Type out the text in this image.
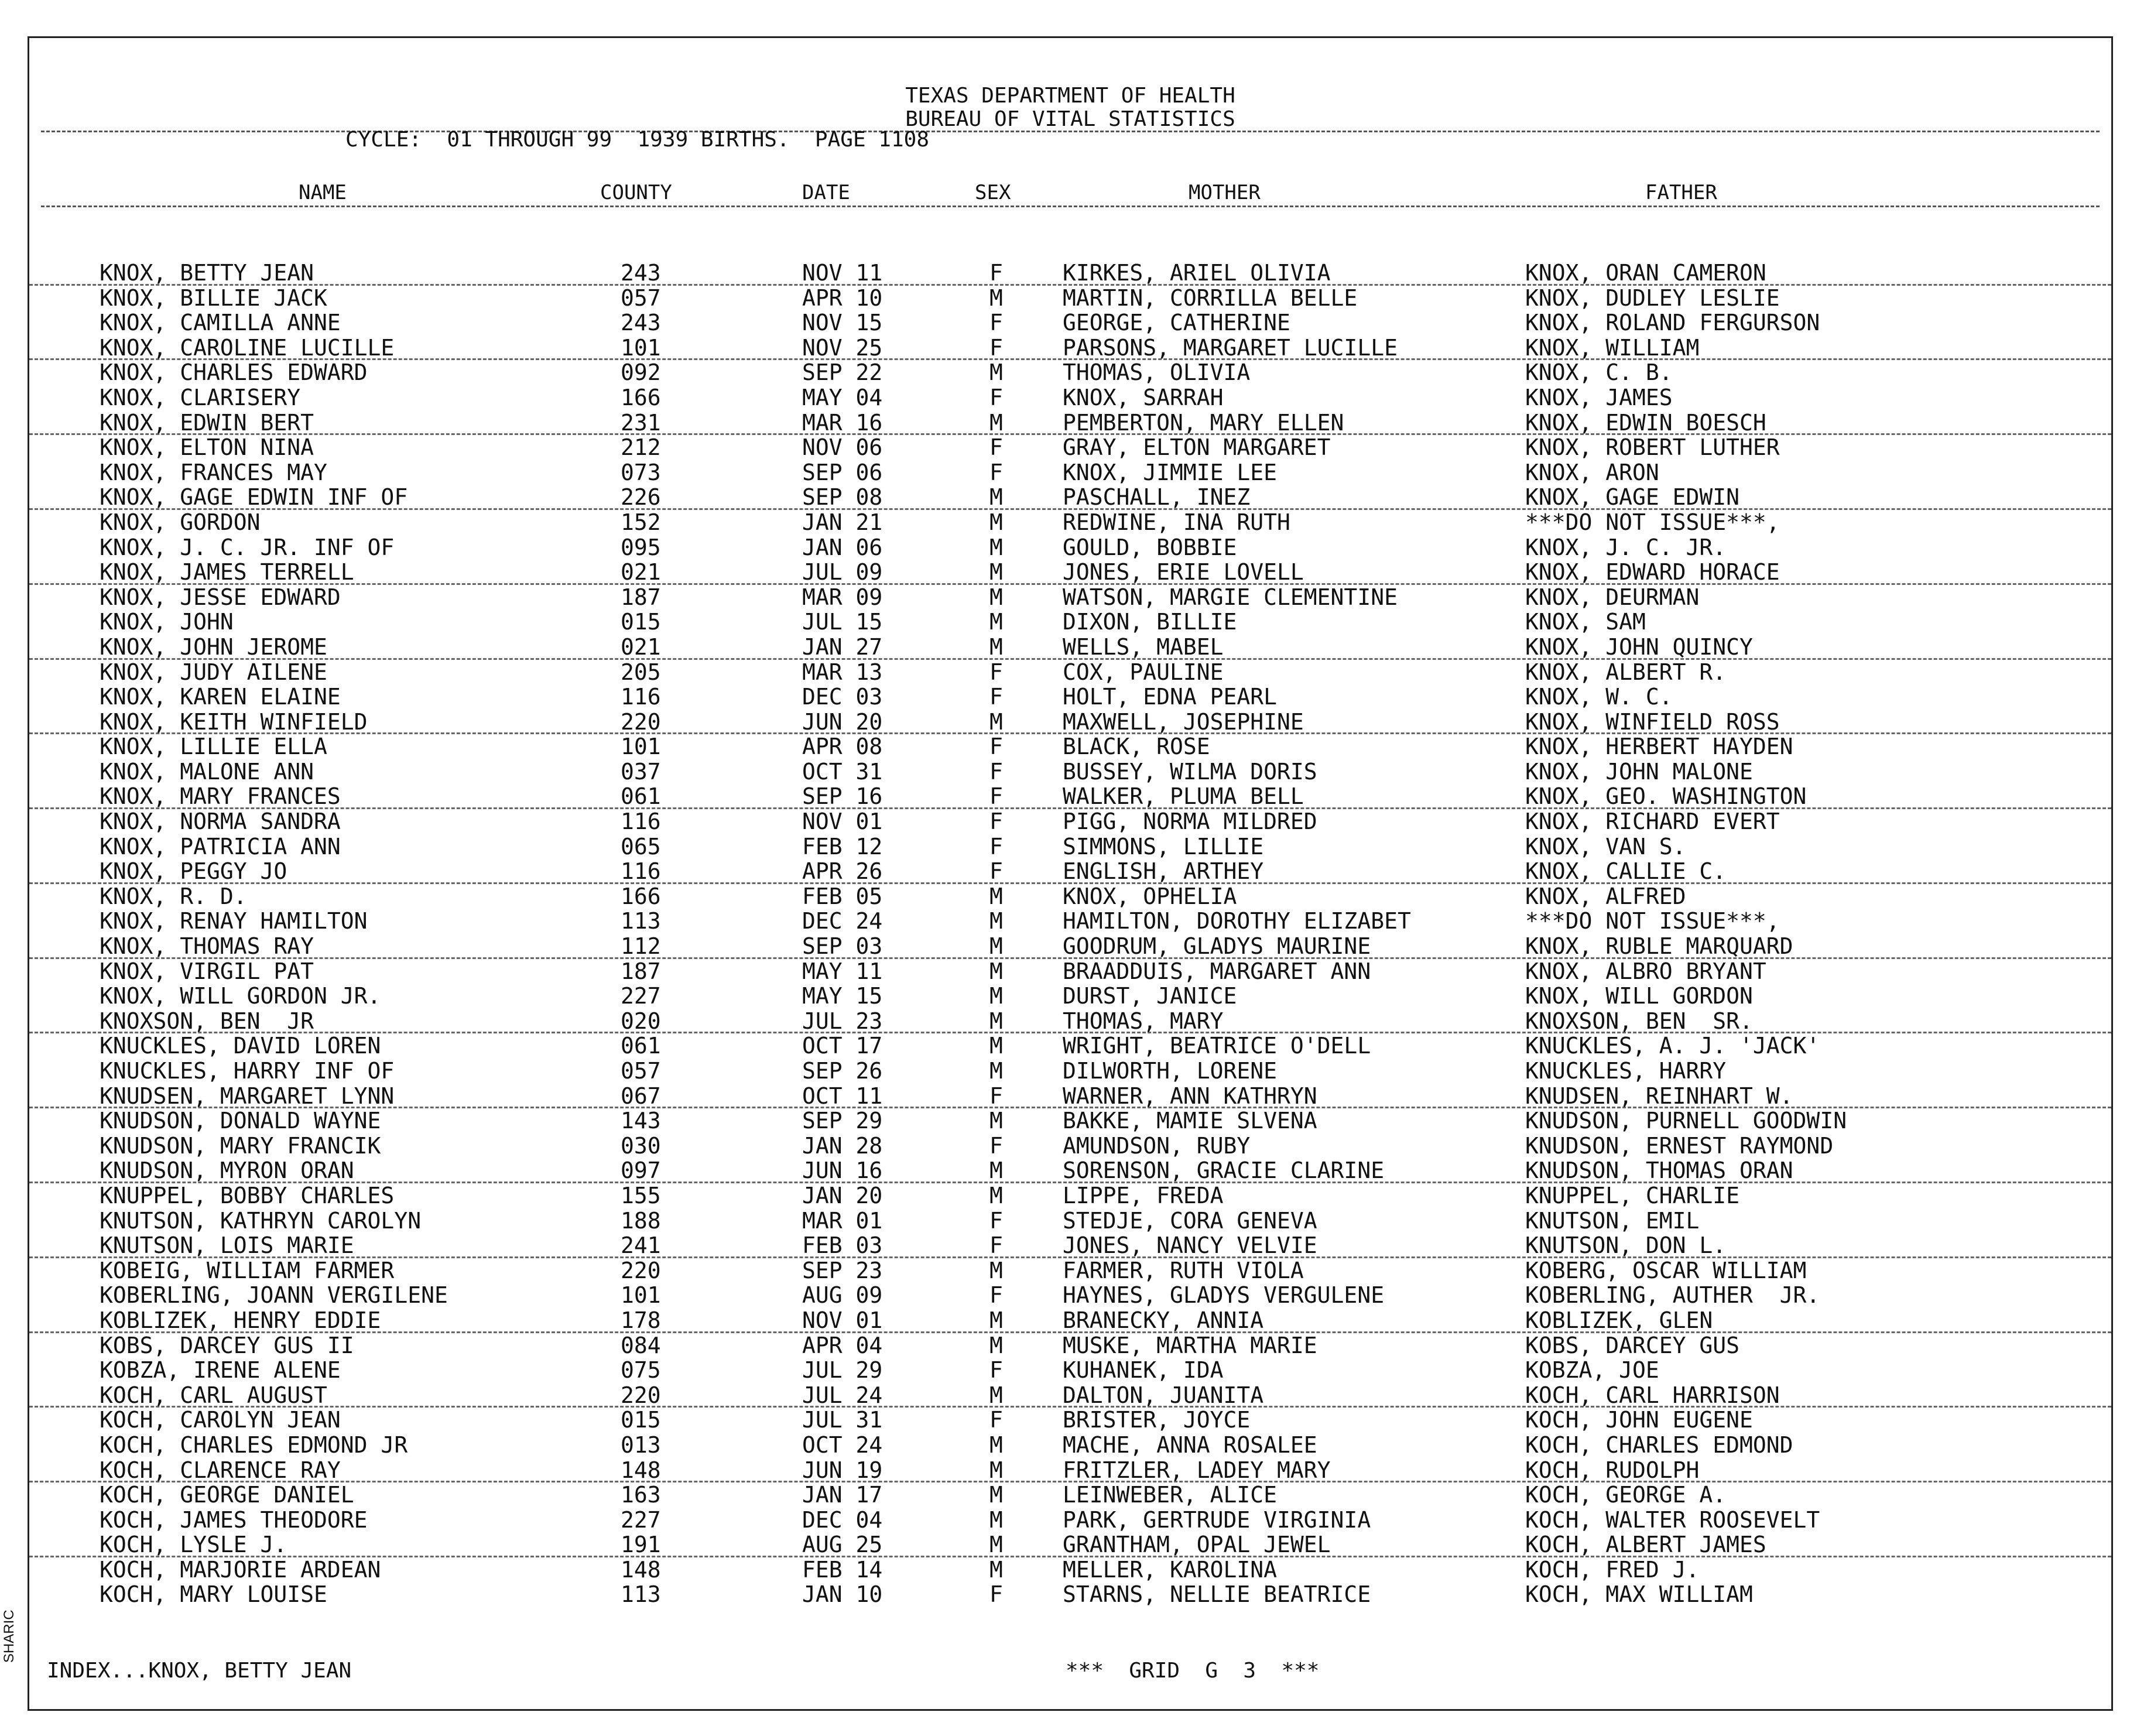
TEXAS DEPARTMENT OF HEALTH
BUREAU OF VITAL STATISTICS
CYCLE:  01 THROUGH 99  1939 BIRTHS.  PAGE 1108
NAME	COUNTY	DATE	SEX	MOTHER	FATHER
KNOX, BETTY JEAN	243	NOV 11	F	KIRKES, ARIEL OLIVIA	KNOX, ORAN CAMERON
KNOX, BILLIE JACK	057	APR 10	M	MARTIN, CORRILLA BELLE	KNOX, DUDLEY LESLIE
KNOX, CAMILLA ANNE	243	NOV 15	F	GEORGE, CATHERINE	KNOX, ROLAND FERGURSON
KNOX, CAROLINE LUCILLE	101	NOV 25	F	PARSONS, MARGARET LUCILLE	KNOX, WILLIAM
KNOX, CHARLES EDWARD	092	SEP 22	M	THOMAS, OLIVIA	KNOX, C. B.
KNOX, CLARISERY	166	MAY 04	F	KNOX, SARRAH	KNOX, JAMES
KNOX, EDWIN BERT	231	MAR 16	M	PEMBERTON, MARY ELLEN	KNOX, EDWIN BOESCH
KNOX, ELTON NINA	212	NOV 06	F	GRAY, ELTON MARGARET	KNOX, ROBERT LUTHER
KNOX, FRANCES MAY	073	SEP 06	F	KNOX, JIMMIE LEE	KNOX, ARON
KNOX, GAGE EDWIN INF OF	226	SEP 08	M	PASCHALL, INEZ	KNOX, GAGE EDWIN
KNOX, GORDON	152	JAN 21	M	REDWINE, INA RUTH	***DO NOT ISSUE***,
KNOX, J. C. JR. INF OF	095	JAN 06	M	GOULD, BOBBIE	KNOX, J. C. JR.
KNOX, JAMES TERRELL	021	JUL 09	M	JONES, ERIE LOVELL	KNOX, EDWARD HORACE
KNOX, JESSE EDWARD	187	MAR 09	M	WATSON, MARGIE CLEMENTINE	KNOX, DEURMAN
KNOX, JOHN	015	JUL 15	M	DIXON, BILLIE	KNOX, SAM
KNOX, JOHN JEROME	021	JAN 27	M	WELLS, MABEL	KNOX, JOHN QUINCY
KNOX, JUDY AILENE	205	MAR 13	F	COX, PAULINE	KNOX, ALBERT R.
KNOX, KAREN ELAINE	116	DEC 03	F	HOLT, EDNA PEARL	KNOX, W. C.
KNOX, KEITH WINFIELD	220	JUN 20	M	MAXWELL, JOSEPHINE	KNOX, WINFIELD ROSS
KNOX, LILLIE ELLA	101	APR 08	F	BLACK, ROSE	KNOX, HERBERT HAYDEN
KNOX, MALONE ANN	037	OCT 31	F	BUSSEY, WILMA DORIS	KNOX, JOHN MALONE
KNOX, MARY FRANCES	061	SEP 16	F	WALKER, PLUMA BELL	KNOX, GEO. WASHINGTON
KNOX, NORMA SANDRA	116	NOV 01	F	PIGG, NORMA MILDRED	KNOX, RICHARD EVERT
KNOX, PATRICIA ANN	065	FEB 12	F	SIMMONS, LILLIE	KNOX, VAN S.
KNOX, PEGGY JO	116	APR 26	F	ENGLISH, ARTHEY	KNOX, CALLIE C.
KNOX, R. D.	166	FEB 05	M	KNOX, OPHELIA	KNOX, ALFRED
KNOX, RENAY HAMILTON	113	DEC 24	M	HAMILTON, DOROTHY ELIZABET	***DO NOT ISSUE***,
KNOX, THOMAS RAY	112	SEP 03	M	GOODRUM, GLADYS MAURINE	KNOX, RUBLE MARQUARD
KNOX, VIRGIL PAT	187	MAY 11	M	BRAADDUIS, MARGARET ANN	KNOX, ALBRO BRYANT
KNOX, WILL GORDON JR.	227	MAY 15	M	DURST, JANICE	KNOX, WILL GORDON
KNOXSON, BEN  JR	020	JUL 23	M	THOMAS, MARY	KNOXSON, BEN  SR.
KNUCKLES, DAVID LOREN	061	OCT 17	M	WRIGHT, BEATRICE O'DELL	KNUCKLES, A. J. 'JACK'
KNUCKLES, HARRY INF OF	057	SEP 26	M	DILWORTH, LORENE	KNUCKLES, HARRY
KNUDSEN, MARGARET LYNN	067	OCT 11	F	WARNER, ANN KATHRYN	KNUDSEN, REINHART W.
KNUDSON, DONALD WAYNE	143	SEP 29	M	BAKKE, MAMIE SLVENA	KNUDSON, PURNELL GOODWIN
KNUDSON, MARY FRANCIK	030	JAN 28	F	AMUNDSON, RUBY	KNUDSON, ERNEST RAYMOND
KNUDSON, MYRON ORAN	097	JUN 16	M	SORENSON, GRACIE CLARINE	KNUDSON, THOMAS ORAN
KNUPPEL, BOBBY CHARLES	155	JAN 20	M	LIPPE, FREDA	KNUPPEL, CHARLIE
KNUTSON, KATHRYN CAROLYN	188	MAR 01	F	STEDJE, CORA GENEVA	KNUTSON, EMIL
KNUTSON, LOIS MARIE	241	FEB 03	F	JONES, NANCY VELVIE	KNUTSON, DON L.
KOBEIG, WILLIAM FARMER	220	SEP 23	M	FARMER, RUTH VIOLA	KOBERG, OSCAR WILLIAM
KOBERLING, JOANN VERGILENE	101	AUG 09	F	HAYNES, GLADYS VERGULENE	KOBERLING, AUTHER  JR.
KOBLIZEK, HENRY EDDIE	178	NOV 01	M	BRANECKY, ANNIA	KOBLIZEK, GLEN
KOBS, DARCEY GUS II	084	APR 04	M	MUSKE, MARTHA MARIE	KOBS, DARCEY GUS
KOBZA, IRENE ALENE	075	JUL 29	F	KUHANEK, IDA	KOBZA, JOE
KOCH, CARL AUGUST	220	JUL 24	M	DALTON, JUANITA	KOCH, CARL HARRISON
KOCH, CAROLYN JEAN	015	JUL 31	F	BRISTER, JOYCE	KOCH, JOHN EUGENE
KOCH, CHARLES EDMOND JR	013	OCT 24	M	MACHE, ANNA ROSALEE	KOCH, CHARLES EDMOND
KOCH, CLARENCE RAY	148	JUN 19	M	FRITZLER, LADEY MARY	KOCH, RUDOLPH
KOCH, GEORGE DANIEL	163	JAN 17	M	LEINWEBER, ALICE	KOCH, GEORGE A.
KOCH, JAMES THEODORE	227	DEC 04	M	PARK, GERTRUDE VIRGINIA	KOCH, WALTER ROOSEVELT
KOCH, LYSLE J.	191	AUG 25	M	GRANTHAM, OPAL JEWEL	KOCH, ALBERT JAMES
KOCH, MARJORIE ARDEAN	148	FEB 14	M	MELLER, KAROLINA	KOCH, FRED J.
KOCH, MARY LOUISE	113	JAN 10	F	STARNS, NELLIE BEATRICE	KOCH, MAX WILLIAM
INDEX...KNOX, BETTY JEAN	***  GRID  G  3  ***
SHARIC
